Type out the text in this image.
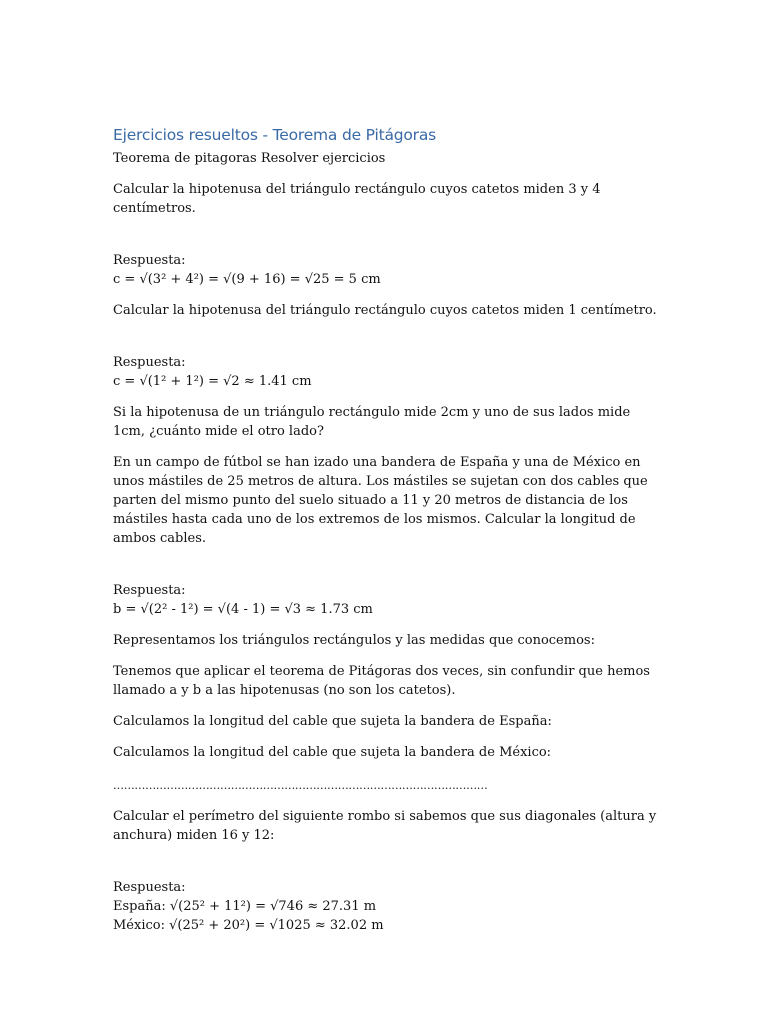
Ejercicios resueltos - Teorema de Pitágoras

Teorema de pitagoras Resolver ejercicios

Calcular la hipotenusa del triángulo rectángulo cuyos catetos miden 3 y 4 centímetros.

Respuesta:

c = √(3² + 4²) = √(9 + 16) = √25 = 5 cm

Calcular la hipotenusa del triángulo rectángulo cuyos catetos miden 1 centímetro.

Respuesta:

c = √(1² + 1²) = √2 ≈ 1.41 cm

Si la hipotenusa de un triángulo rectángulo mide 2cm y uno de sus lados mide 1cm, ¿cuánto mide el otro lado?

En un campo de fútbol se han izado una bandera de España y una de México en unos mástiles de 25 metros de altura. Los mástiles se sujetan con dos cables que parten del mismo punto del suelo situado a 11 y 20 metros de distancia de los mástiles hasta cada uno de los extremos de los mismos. Calcular la longitud de ambos cables.

Respuesta:

b = √(2² - 1²) = √(4 - 1) = √3 ≈ 1.73 cm

Representamos los triángulos rectángulos y las medidas que conocemos:

Tenemos que aplicar el teorema de Pitágoras dos veces, sin confundir que hemos llamado a y b a las hipotenusas (no son los catetos).

Calculamos la longitud del cable que sujeta la bandera de España:

Calculamos la longitud del cable que sujeta la bandera de México:

……………………………………………………………………………………………

Calcular el perímetro del siguiente rombo si sabemos que sus diagonales (altura y anchura) miden 16 y 12:

Respuesta:

España: √(25² + 11²) = √746 ≈ 27.31 m

México: √(25² + 20²) = √1025 ≈ 32.02 m
